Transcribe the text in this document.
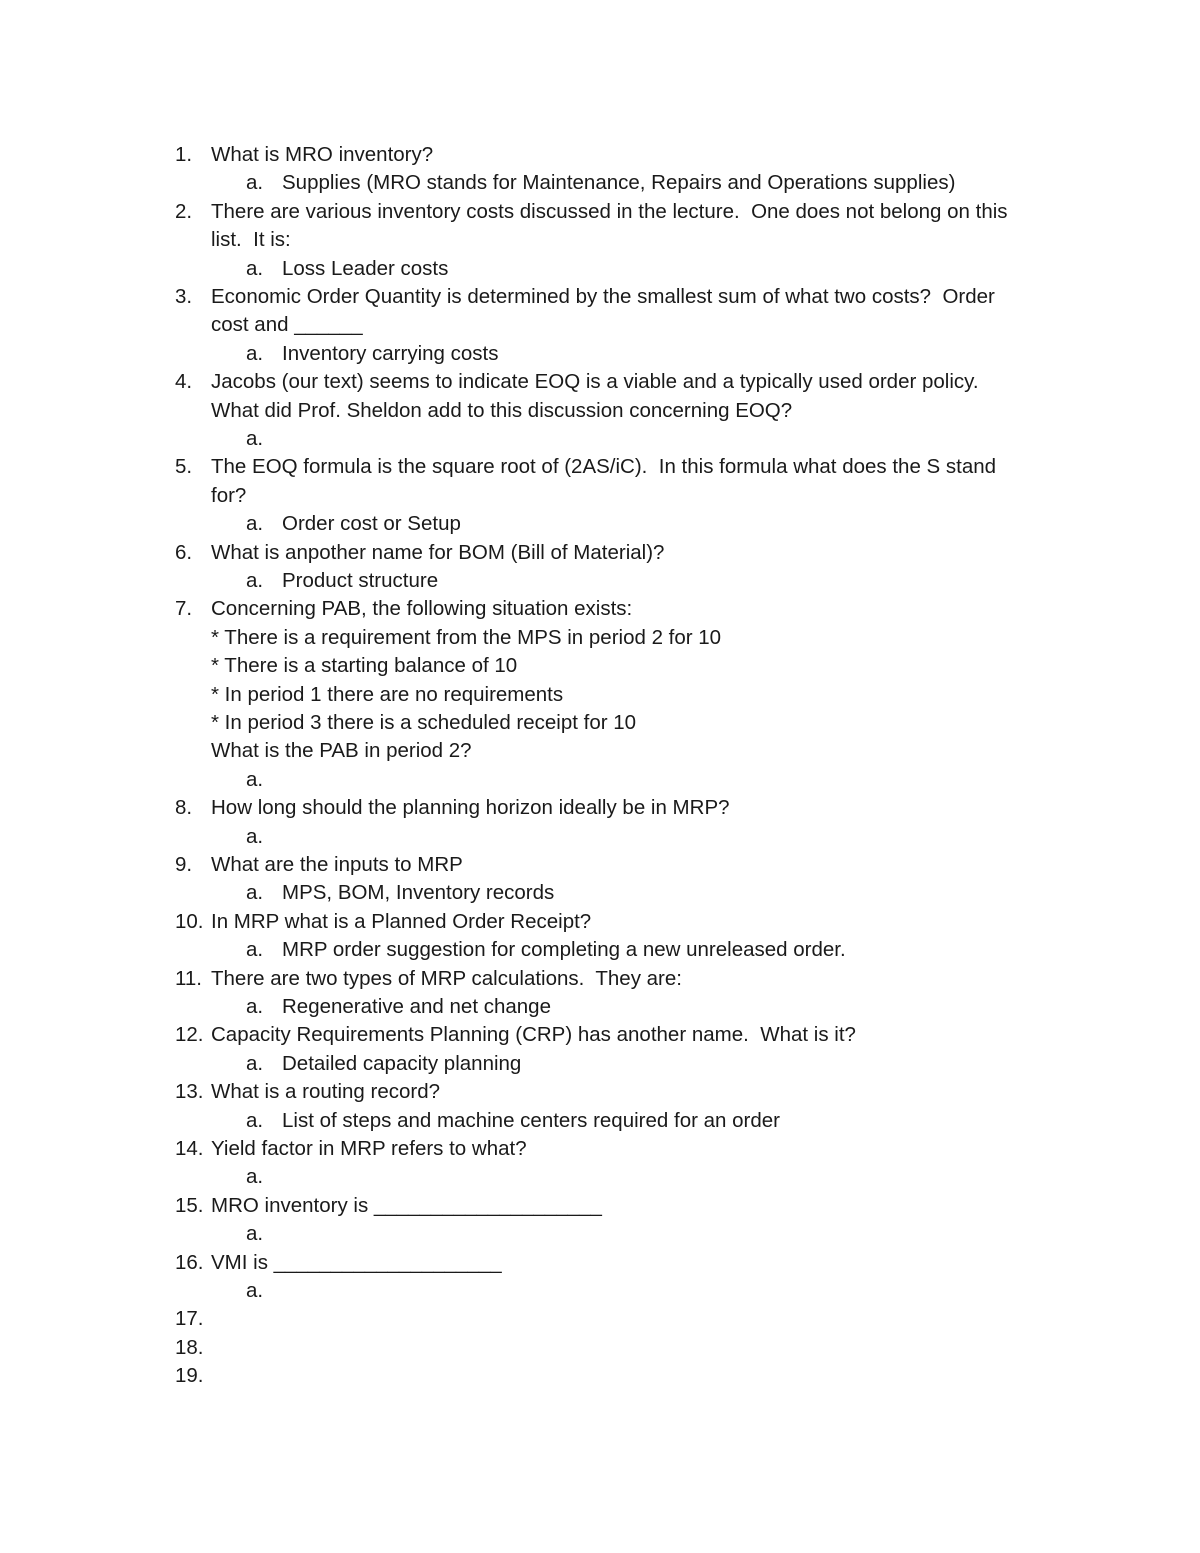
1. What is MRO inventory?
a. Supplies (MRO stands for Maintenance, Repairs and Operations supplies)
2. There are various inventory costs discussed in the lecture.  One does not belong on this
list.  It is:
a. Loss Leader costs
3. Economic Order Quantity is determined by the smallest sum of what two costs?  Order
cost and ______
a. Inventory carrying costs
4. Jacobs (our text) seems to indicate EOQ is a viable and a typically used order policy.
What did Prof. Sheldon add to this discussion concerning EOQ?
a.
5. The EOQ formula is the square root of (2AS/iC).  In this formula what does the S stand
for?
a. Order cost or Setup
6. What is anpother name for BOM (Bill of Material)?
a. Product structure
7. Concerning PAB, the following situation exists:
* There is a requirement from the MPS in period 2 for 10
* There is a starting balance of 10
* In period 1 there are no requirements
* In period 3 there is a scheduled receipt for 10
What is the PAB in period 2?
a.
8. How long should the planning horizon ideally be in MRP?
a.
9. What are the inputs to MRP
a. MPS, BOM, Inventory records
10. In MRP what is a Planned Order Receipt?
a. MRP order suggestion for completing a new unreleased order.
11. There are two types of MRP calculations.  They are:
a. Regenerative and net change
12. Capacity Requirements Planning (CRP) has another name.  What is it?
a. Detailed capacity planning
13. What is a routing record?
a. List of steps and machine centers required for an order
14. Yield factor in MRP refers to what?
a.
15. MRO inventory is ____________________
a.
16. VMI is ____________________
a.
17.
18.
19.
